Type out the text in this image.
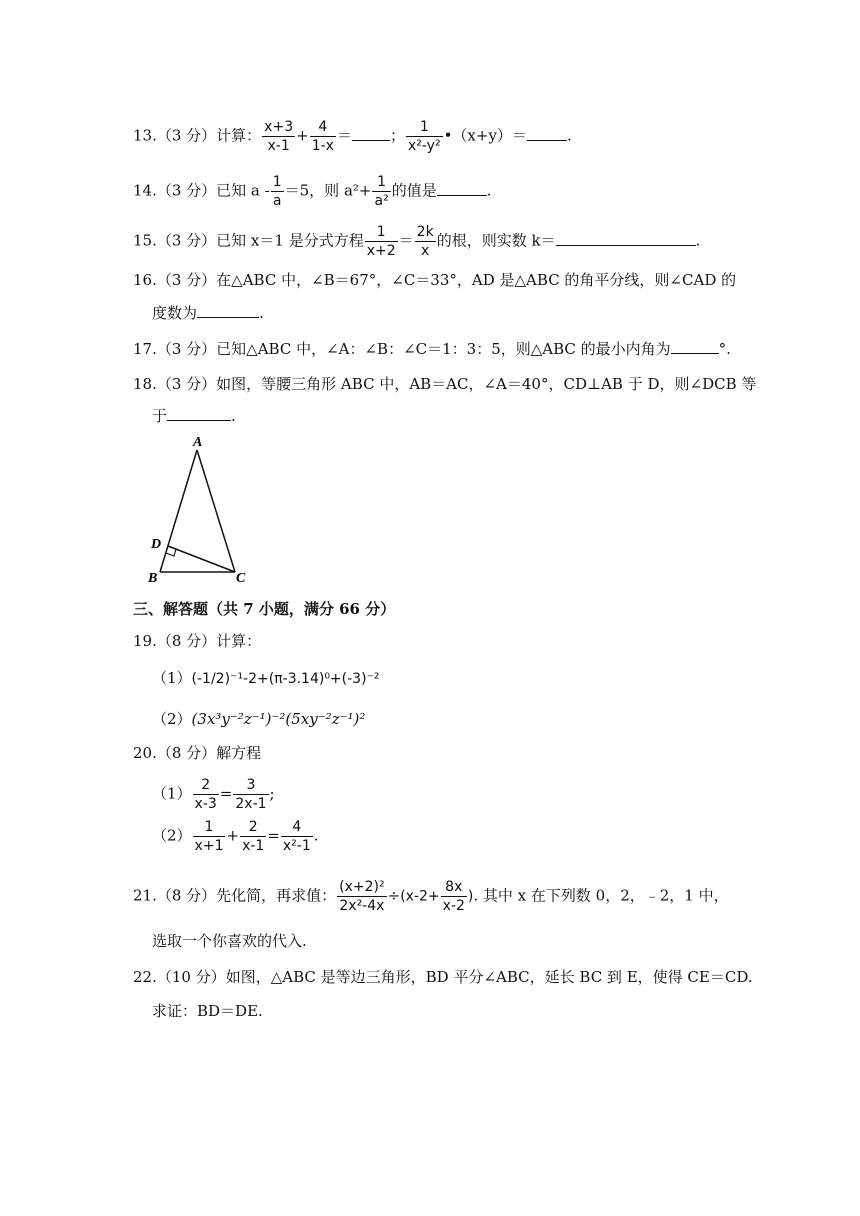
13.（3 分）计算： $\frac{x+3}{x-1} + \frac{4}{1-x}$ ＝	； $\frac{1}{\text{x²-y²}}$ •（x+y）＝	.
14.（3 分）已知 $a - \frac{1}{a} =5$，则 $a^2+ \frac{1}{\text{a²}}$ 的值是	.
15.（3 分）已知 x＝1 是分式方程 $\frac{1}{x+2} = \frac{2k}{x}$ 的根，则实数 k＝	.
16.（3 分）在△ABC 中，∠B＝67°，∠C＝33°，AD 是△ABC 的角平分线，则∠CAD 的
度数为	.
17.（3 分）已知△ABC 中，∠A：∠B：∠C＝1：3：5，则△ABC 的最小内角为	°.
18.（3 分）如图，等腰三角形 ABC 中，AB＝AC，∠A＝40°，CD⊥AB 于 D，则∠DCB 等
于	.
A
D
B	C
三、解答题（共 7 小题，满分 66 分）
19.（8 分）计算：
（1）(-1/2)⁻¹-2+(π-3.14)⁰+(-3)⁻²
（2）(3x³y⁻²z⁻¹)⁻²(5xy⁻²z⁻¹)²
20.（8 分）解方程
$(1) \frac{2}{x-3} = \frac{3}{2x-1}$ ;
$(2) \frac{1}{x+1} + \frac{2}{x-1} = \frac{4}{\text{x²-1}}$ .
21.（8 分）先化简，再求值： $\frac{\text{(x+2)²}}{\text{2x²-4x}} \div(x-2+ \frac{8x}{x-2}$ ). 其中 x 在下列数 0，2，﹣2，1 中，
选取一个你喜欢的代入.
22.（10 分）如图，△ABC 是等边三角形，BD 平分∠ABC，延长 BC 到 E，使得 CE＝CD.
求证：BD＝DE.
